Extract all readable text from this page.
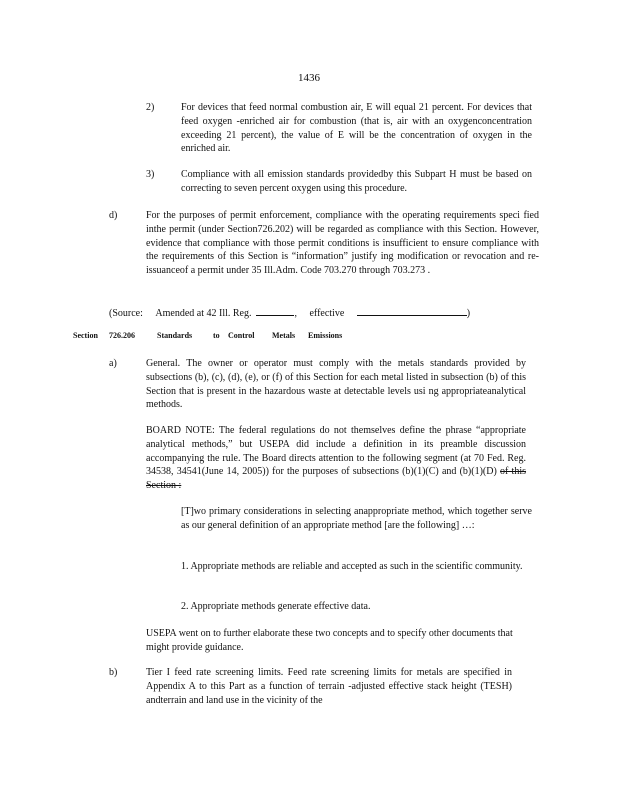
1436
2)	For devices that feed normal combustion air, E will equal 21 percent. For devices that feed oxygen -enriched air for combustion (that is, air with an oxygenconcentration exceeding 21 percent), the value of E will be the concentration of oxygen in the enriched air.
3)	Compliance with all emission standards providedby this Subpart H must be based on correcting to seven percent oxygen using this procedure.
d)	For the purposes of permit enforcement, compliance with the operating requirements speci fied inthe permit (under Section726.202) will be regarded as compliance with this Section. However, evidence that compliance with those permit conditions is insufficient to ensure compliance with the requirements of this Section is “information” justify ing modification or revocation and re-issuanceof a permit under 35 Ill.Adm. Code 703.270 through 703.273 .
(Source: Amended at 42 Ill. Reg.	, effective	)
Section 726.206	Standards	to Control Metals Emissions
a)	General. The owner or operator must comply with the metals standards provided by subsections (b), (c), (d), (e), or (f) of this Section for each metal listed in subsection (b) of this Section that is present in the hazardous waste at detectable levels usi ng appropriateanalytical methods.
BOARD NOTE: The federal regulations do not themselves define the phrase “appropriate analytical methods,” but USEPA did include a definition in its preamble discussion accompanying the rule. The Board directs attention to the following segment (at 70 Fed. Reg. 34538, 34541(June 14, 2005)) for the purposes of subsections (b)(1)(C) and (b)(1)(D) of this Section :
[T]wo primary considerations in selecting anappropriate method, which together serve as our general definition of an appropriate method [are the following] …:
1. Appropriate methods are reliable and accepted as such in the scientific community.
2. Appropriate methods generate effective data.
USEPA went on to further elaborate these two concepts and to specify other documents that might provide guidance.
b)	Tier I feed rate screening limits. Feed rate screening limits for metals are specified in Appendix A to this Part as a function of terrain -adjusted effective stack height (TESH) andterrain and land use in the vicinity of the
